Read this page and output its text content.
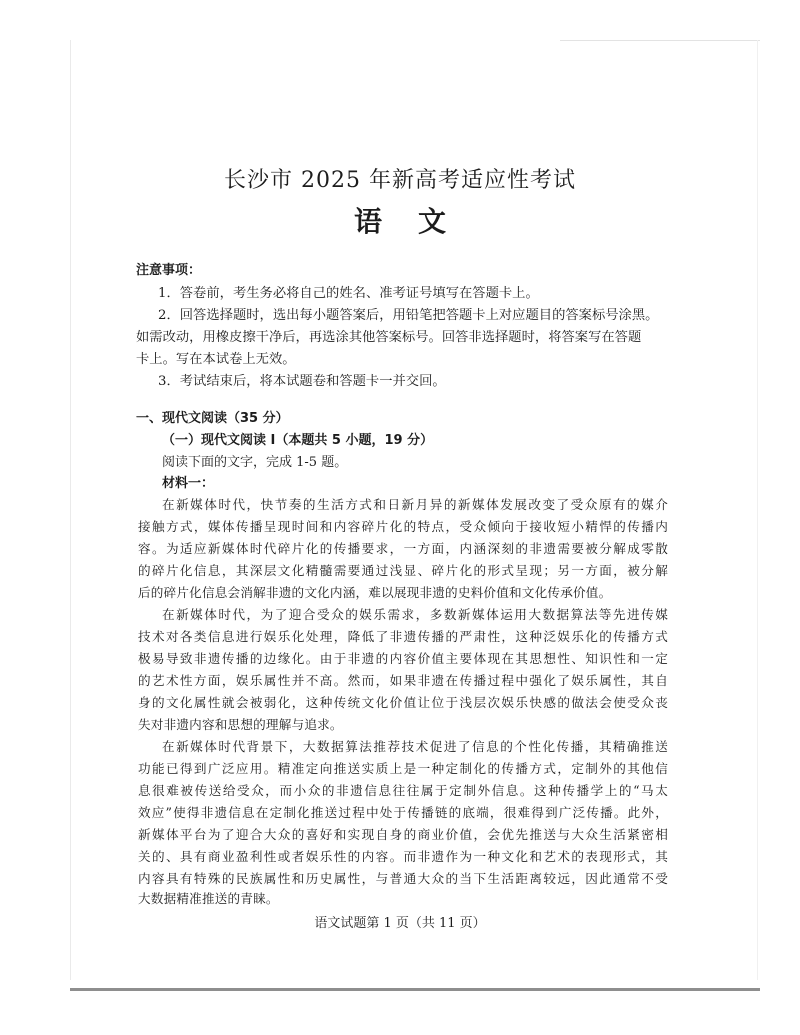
长沙市 2025 年新高考适应性考试
语文
注意事项：
1．答卷前，考生务必将自己的姓名、准考证号填写在答题卡上。
2．回答选择题时，选出每小题答案后，用铅笔把答题卡上对应题目的答案标号涂黑。
如需改动，用橡皮擦干净后，再选涂其他答案标号。回答非选择题时，将答案写在答题
卡上。写在本试卷上无效。
3．考试结束后，将本试题卷和答题卡一并交回。
一、现代文阅读（35 分）
（一）现代文阅读 I（本题共 5 小题，19 分）
阅读下面的文字，完成 1-5 题。
材料一：
在新媒体时代，快节奏的生活方式和日新月异的新媒体发展改变了受众原有的媒介
接触方式，媒体传播呈现时间和内容碎片化的特点，受众倾向于接收短小精悍的传播内
容。为适应新媒体时代碎片化的传播要求，一方面，内涵深刻的非遗需要被分解成零散
的碎片化信息，其深层文化精髓需要通过浅显、碎片化的形式呈现；另一方面，被分解
后的碎片化信息会消解非遗的文化内涵，难以展现非遗的史料价值和文化传承价值。
在新媒体时代，为了迎合受众的娱乐需求，多数新媒体运用大数据算法等先进传媒
技术对各类信息进行娱乐化处理，降低了非遗传播的严肃性，这种泛娱乐化的传播方式
极易导致非遗传播的边缘化。由于非遗的内容价值主要体现在其思想性、知识性和一定
的艺术性方面，娱乐属性并不高。然而，如果非遗在传播过程中强化了娱乐属性，其自
身的文化属性就会被弱化，这种传统文化价值让位于浅层次娱乐快感的做法会使受众丧
失对非遗内容和思想的理解与追求。
在新媒体时代背景下，大数据算法推荐技术促进了信息的个性化传播，其精确推送
功能已得到广泛应用。精准定向推送实质上是一种定制化的传播方式，定制外的其他信
息很难被传送给受众，而小众的非遗信息往往属于定制外信息。这种传播学上的“马太
效应”使得非遗信息在定制化推送过程中处于传播链的底端，很难得到广泛传播。此外，
新媒体平台为了迎合大众的喜好和实现自身的商业价值，会优先推送与大众生活紧密相
关的、具有商业盈利性或者娱乐性的内容。而非遗作为一种文化和艺术的表现形式，其
内容具有特殊的民族属性和历史属性，与普通大众的当下生活距离较远，因此通常不受
大数据精准推送的青睐。
语文试题第 1 页（共 11 页）
